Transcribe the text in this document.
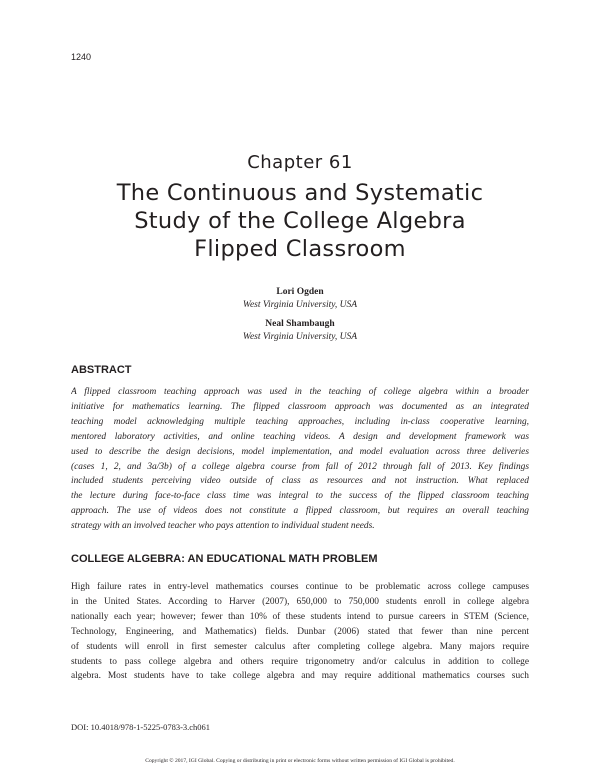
1240
Chapter 61
The Continuous and Systematic
Study of the College Algebra
Flipped Classroom
Lori Ogden
West Virginia University, USA
Neal Shambaugh
West Virginia University, USA
ABSTRACT
A flipped classroom teaching approach was used in the teaching of college algebra within a broader
initiative for mathematics learning. The flipped classroom approach was documented as an integrated
teaching model acknowledging multiple teaching approaches, including in-class cooperative learning,
mentored laboratory activities, and online teaching videos. A design and development framework was
used to describe the design decisions, model implementation, and model evaluation across three deliveries
(cases 1, 2, and 3a/3b) of a college algebra course from fall of 2012 through fall of 2013. Key findings
included students perceiving video outside of class as resources and not instruction. What replaced
the lecture during face-to-face class time was integral to the success of the flipped classroom teaching
approach. The use of videos does not constitute a flipped classroom, but requires an overall teaching
strategy with an involved teacher who pays attention to individual student needs.
COLLEGE ALGEBRA: AN EDUCATIONAL MATH PROBLEM
High failure rates in entry-level mathematics courses continue to be problematic across college campuses
in the United States. According to Harver (2007), 650,000 to 750,000 students enroll in college algebra
nationally each year; however; fewer than 10% of these students intend to pursue careers in STEM (Science,
Technology, Engineering, and Mathematics) fields. Dunbar (2006) stated that fewer than nine percent
of students will enroll in first semester calculus after completing college algebra. Many majors require
students to pass college algebra and others require trigonometry and/or calculus in addition to college
algebra. Most students have to take college algebra and may require additional mathematics courses such
DOI: 10.4018/978-1-5225-0783-3.ch061
Copyright © 2017, IGI Global. Copying or distributing in print or electronic forms without written permission of IGI Global is prohibited.
